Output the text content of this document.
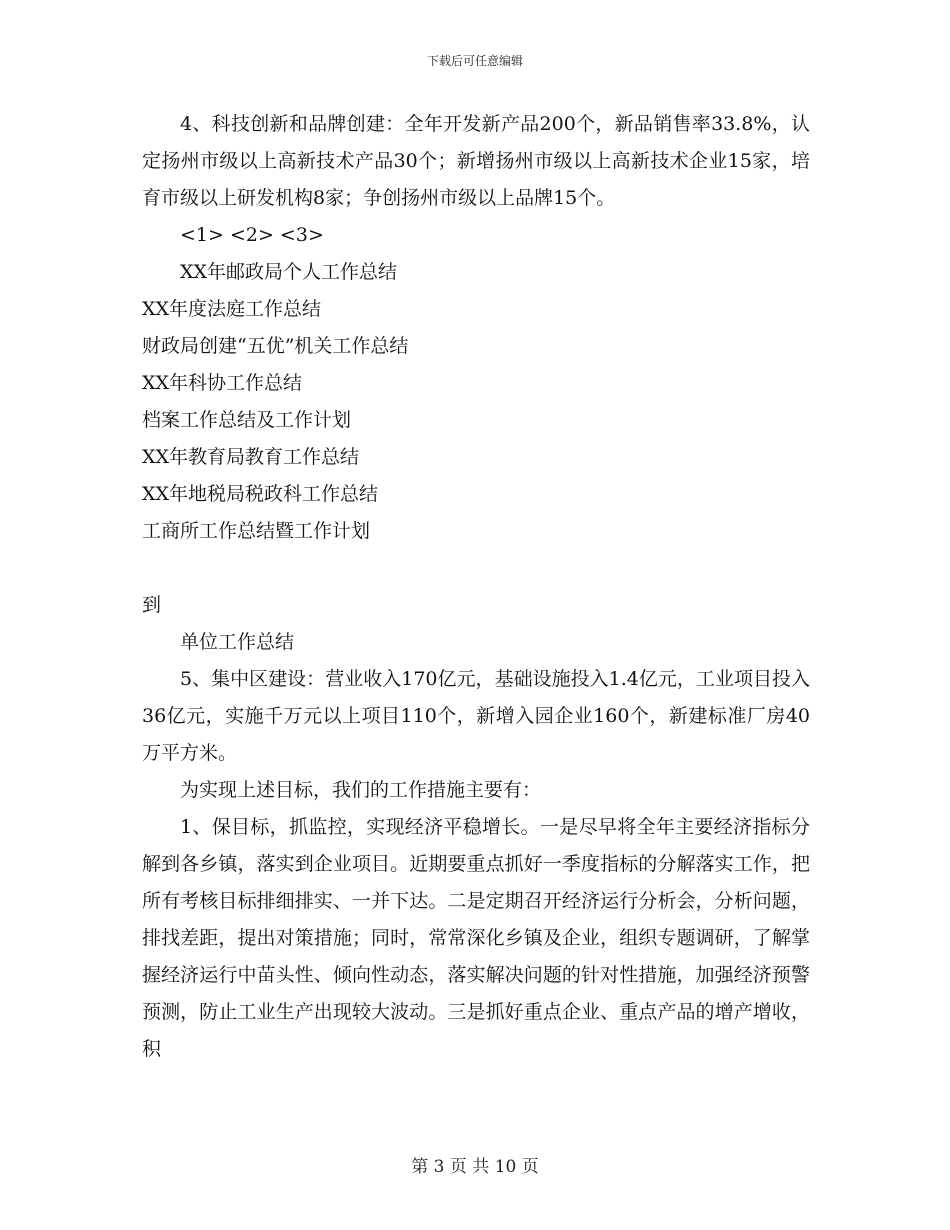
下载后可任意编辑

4、科技创新和品牌创建：全年开发新产品200个，新品销售率33.8%，认定扬州市级以上高新技术产品30个；新增扬州市级以上高新技术企业15家，培育市级以上研发机构8家；争创扬州市级以上品牌15个。

<1> <2> <3>

XX年邮政局个人工作总结

XX年度法庭工作总结

财政局创建“五优”机关工作总结

XX年科协工作总结

档案工作总结及工作计划

XX年教育局教育工作总结

XX年地税局税政科工作总结

工商所工作总结暨工作计划

到

单位工作总结

5、集中区建设：营业收入170亿元，基础设施投入1.4亿元，工业项目投入36亿元，实施千万元以上项目110个，新增入园企业160个，新建标准厂房40万平方米。

为实现上述目标，我们的工作措施主要有：

1、保目标，抓监控，实现经济平稳增长。一是尽早将全年主要经济指标分解到各乡镇，落实到企业项目。近期要重点抓好一季度指标的分解落实工作，把所有考核目标排细排实、一并下达。二是定期召开经济运行分析会，分析问题，排找差距，提出对策措施；同时，常常深化乡镇及企业，组织专题调研，了解掌握经济运行中苗头性、倾向性动态，落实解决问题的针对性措施，加强经济预警预测，防止工业生产出现较大波动。三是抓好重点企业、重点产品的增产增收，积

第 3 页 共 10 页
